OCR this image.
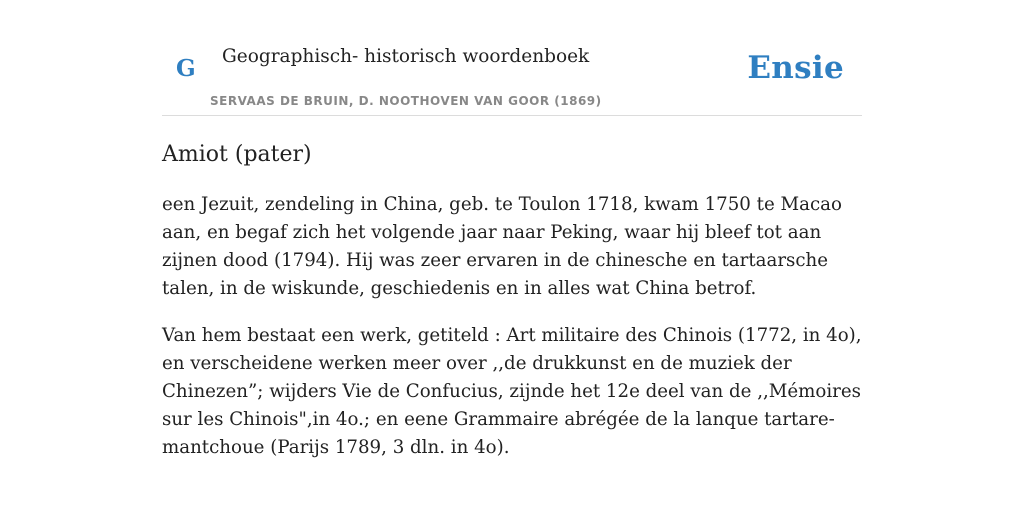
G Geographisch- historisch woordenboek
SERVAAS DE BRUIN, D. NOOTHOVEN VAN GOOR (1869)
Ensie
Amiot (pater)

een Jezuit, zendeling in China, geb. te Toulon 1718, kwam 1750 te Macao aan, en begaf zich het volgende jaar naar Peking, waar hij bleef tot aan zijnen dood (1794). Hij was zeer ervaren in de chinesche en tartaarsche talen, in de wiskunde, geschiedenis en in alles wat China betrof.

Van hem bestaat een werk, getiteld : Art militaire des Chinois (1772, in 4o), en verscheidene werken meer over ,,de drukkunst en de muziek der Chinezen”; wijders Vie de Confucius, zijnde het 12e deel van de ,,Mémoires sur les Chinois",in 4o.; en eene Grammaire abrégée de la lanque tartare-mantchoue (Parijs 1789, 3 dln. in 4o).
